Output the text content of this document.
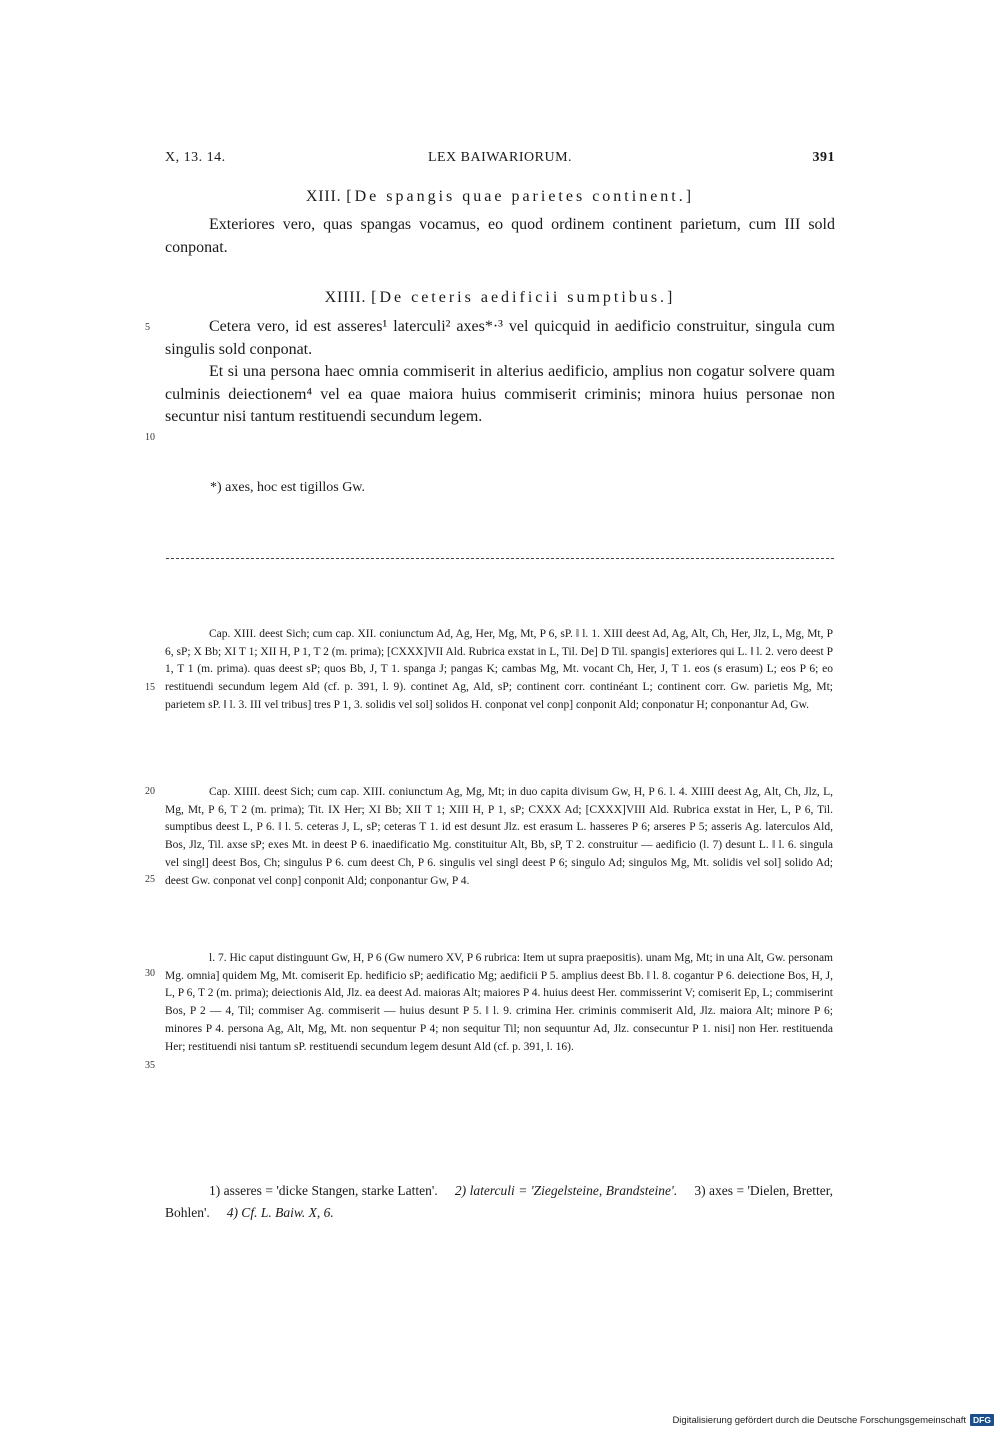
X, 13. 14.	LEX BAIWARIORUM.	391
XIII. [De spangis quae parietes continent.]

Exteriores vero, quas spangas vocamus, eo quod ordinem continent parietum, cum III sold conponat.

XIIII. [De ceteris aedificii sumptibus.]

Cetera vero, id est asseres¹ laterculi² axes*·³ vel quicquid in aedificio construitur, singula cum singulis sold conponat.

Et si una persona haec omnia commiserit in alterius aedificio, amplius non cogatur solvere quam culminis deiectionem⁴ vel ea quae maiora huius commiserit criminis; minora huius personae non secuntur nisi tantum restituendi secundum legem.

5
10
*) axes, hoc est tigillos Gw.

Cap. XIII. deest Sich; cum cap. XII. coniunctum Ad, Ag, Her, Mg, Mt, P 6, sP. ‖ l. 1. XIII deest Ad, Ag, Alt, Ch, Her, Jlz, L, Mg, Mt, P 6, sP; X Bb; XI T 1; XII H, P 1, T 2 (m. prima); [CXXX]VII Ald. Rubrica exstat in L, Til. De] D Til. spangis] exteriores qui L. ‖ l. 2. vero deest P 1, T 1 (m. prima). quas deest sP; quos Bb, J, T 1. spanga J; pangas K; cambas Mg, Mt. vocant Ch, Her, J, T 1. eos (s erasum) L; eos P 6; eo restituendi secundum legem Ald (cf. p. 391, l. 9). continet Ag, Ald, sP; continent corr. continéant L; continent corr. Gw. parietis Mg, Mt; parietem sP. ‖ l. 3. III vel tribus] tres P 1, 3. solidis vel sol] solidos H. conponat vel conp] conponit Ald; conponatur H; conponantur Ad, Gw.

Cap. XIIII. deest Sich; cum cap. XIII. coniunctum Ag, Mg, Mt; in duo capita divisum Gw, H, P 6. l. 4. XIIII deest Ag, Alt, Ch, Jlz, L, Mg, Mt, P 6, T 2 (m. prima); Tit. IX Her; XI Bb; XII T 1; XIII H, P 1, sP; CXXX Ad; [CXXX]VIII Ald. Rubrica exstat in Her, L, P 6, Til. sumptibus deest L, P 6. ‖ l. 5. ceteras J, L, sP; ceteras T 1. id est desunt Jlz. est erasum L. hasseres P 6; arseres P 5; asseris Ag. laterculos Ald, Bos, Jlz, Til. axse sP; exes Mt. in deest P 6. inaedificatio Mg. constituitur Alt, Bb, sP, T 2. construitur — aedificio (l. 7) desunt L. ‖ l. 6. singula vel singl] deest Bos, Ch; singulus P 6. cum deest Ch, P 6. singulis vel singl deest P 6; singulo Ad; singulos Mg, Mt. solidis vel sol] solido Ad; deest Gw. conponat vel conp] conponit Ald; conponantur Gw, P 4.

l. 7. Hic caput distinguunt Gw, H, P 6 (Gw numero XV, P 6 rubrica: Item ut supra praepositis). unam Mg, Mt; in una Alt, Gw. personam Mg. omnia] quidem Mg, Mt. comiserit Ep. hedificio sP; aedificatio Mg; aedificii P 5. amplius deest Bb. ‖ l. 8. cogantur P 6. deiectione Bos, H, J, L, P 6, T 2 (m. prima); deiectionis Ald, Jlz. ea deest Ad. maioras Alt; maiores P 4. huius deest Her. commisserint V; comiserit Ep, L; commiserint Bos, P 2 — 4, Til; commiser Ag. commiserit — huius desunt P 5. ‖ l. 9. crimina Her. criminis commiserit Ald, Jlz. maiora Alt; minore P 6; minores P 4. persona Ag, Alt, Mg, Mt. non sequentur P 4; non sequitur Til; non sequuntur Ad, Jlz. consecuntur P 1. nisi] non Her. restituenda Her; restituendi nisi tantum sP. restituendi secundum legem desunt Ald (cf. p. 391, l. 16).

15
20
25
30
35

1) asseres = 'dicke Stangen, starke Latten'. 2) laterculi = 'Ziegelsteine, Brandsteine'. 3) axes = 'Dielen, Bretter, Bohlen'. 4) Cf. L. Baiw. X, 6.

Digitalisierung gefördert durch die Deutsche Forschungsgemeinschaft DFG
